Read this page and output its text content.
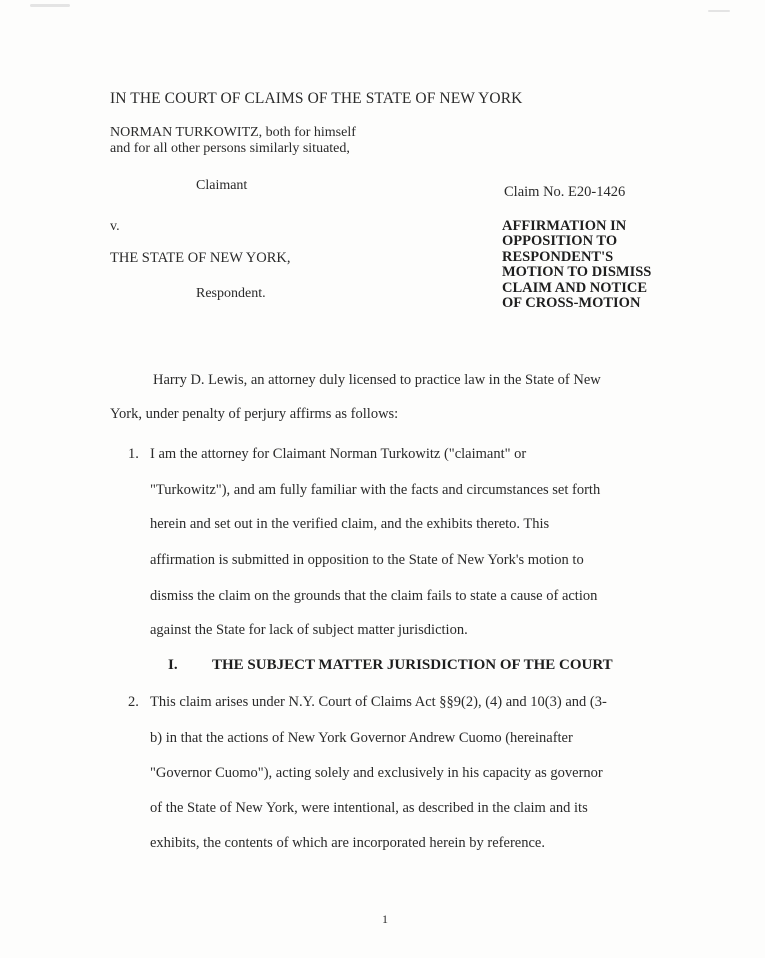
IN THE COURT OF CLAIMS OF THE STATE OF NEW YORK
NORMAN TURKOWITZ, both for himself
and for all other persons similarly situated,
Claimant	Claim No. E20-1426
v.
THE STATE OF NEW YORK,
Respondent.
AFFIRMATION IN
OPPOSITION TO
RESPONDENT'S
MOTION TO DISMISS
CLAIM AND NOTICE
OF CROSS-MOTION
Harry D. Lewis, an attorney duly licensed to practice law in the State of New
York, under penalty of perjury affirms as follows:
1. I am the attorney for Claimant Norman Turkowitz ("claimant" or
"Turkowitz"), and am fully familiar with the facts and circumstances set forth
herein and set out in the verified claim, and the exhibits thereto. This
affirmation is submitted in opposition to the State of New York's motion to
dismiss the claim on the grounds that the claim fails to state a cause of action
against the State for lack of subject matter jurisdiction.
I. THE SUBJECT MATTER JURISDICTION OF THE COURT
2. This claim arises under N.Y. Court of Claims Act §§9(2), (4) and 10(3) and (3-
b) in that the actions of New York Governor Andrew Cuomo (hereinafter
"Governor Cuomo"), acting solely and exclusively in his capacity as governor
of the State of New York, were intentional, as described in the claim and its
exhibits, the contents of which are incorporated herein by reference.
1
